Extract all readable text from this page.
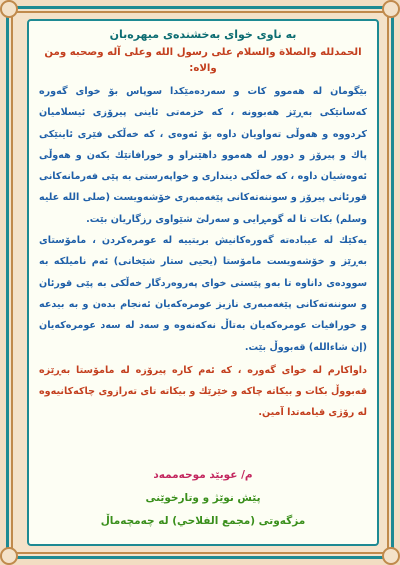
به ناوی خوای به‌خشنده‌ی میهره‌بان

الحمدلله والصلاة والسلام على رسول الله وعلى آله وصحبه ومن والاه:

بێگومان له هه‌موو كات و سه‌رده‌مێكدا سوپاس بۆ خوای گه‌وره كه‌سانێكی به‌ڕێز هه‌بوونه ، كه خزمه‌تی ئاینی پیرۆزی ئیسلامیان كردووه و هه‌وڵی ته‌واویان داوه بۆ ئه‌وه‌ی ، كه خه‌ڵكی فێری ئاینێكی پاك و پیرۆز و دوور له هه‌موو داهێنراو و خورافاتێك بكه‌ن و هه‌وڵی ئه‌وه‌شیان داوه ، كه خه‌ڵكی دینداری و خواپه‌رستی به پێی فه‌رمانه‌كانی قورئانی پیرۆز و سوننه‌ته‌كانی پێغه‌مبه‌ری خۆشه‌ویست (صلى الله عليه وسلم) بكات تا له گومڕایی و سه‌رلێ شێواوی رزگاریان بێت.

یه‌كێك له عیباده‌ته گه‌وره‌كانیش بریتییه له عومره‌كردن ، مامۆستای به‌ڕێز و خۆشه‌ویست مامۆستا (یحیى ستار شێخانی) ئه‌م نامیلكه به سووده‌ی داناوه تا به‌و پێستی خوای په‌روه‌ردگار خه‌ڵكی به پێی قورئان و سوننه‌ته‌كانی پێغه‌مبه‌ری نازیز عومره‌كه‌یان ئه‌نجام بده‌ن و به بیدعه و خورافیات عومره‌كه‌یان به‌تاڵ نه‌كه‌نه‌وه و سه‌د له سه‌د عومره‌كه‌یان (إن شاءالله) قه‌بووڵ بێت.

داواكارم له خوای گه‌وره ، كه ئه‌م كاره پیرۆزه له مامۆستا به‌ڕێزه قه‌بووڵ بكات و بیكاته چاكه و خێرێك و بیكاته تای ته‌رازوی چاكه‌كانیه‌وه له رۆژی قیامه‌تدا آمین.

م/ عوبێد موحه‌ممه‌د
پێش نوێژ و وتارخوێنی
مزگه‌وتی (مجمع الفلاحي) له چه‌مچه‌ماڵ
